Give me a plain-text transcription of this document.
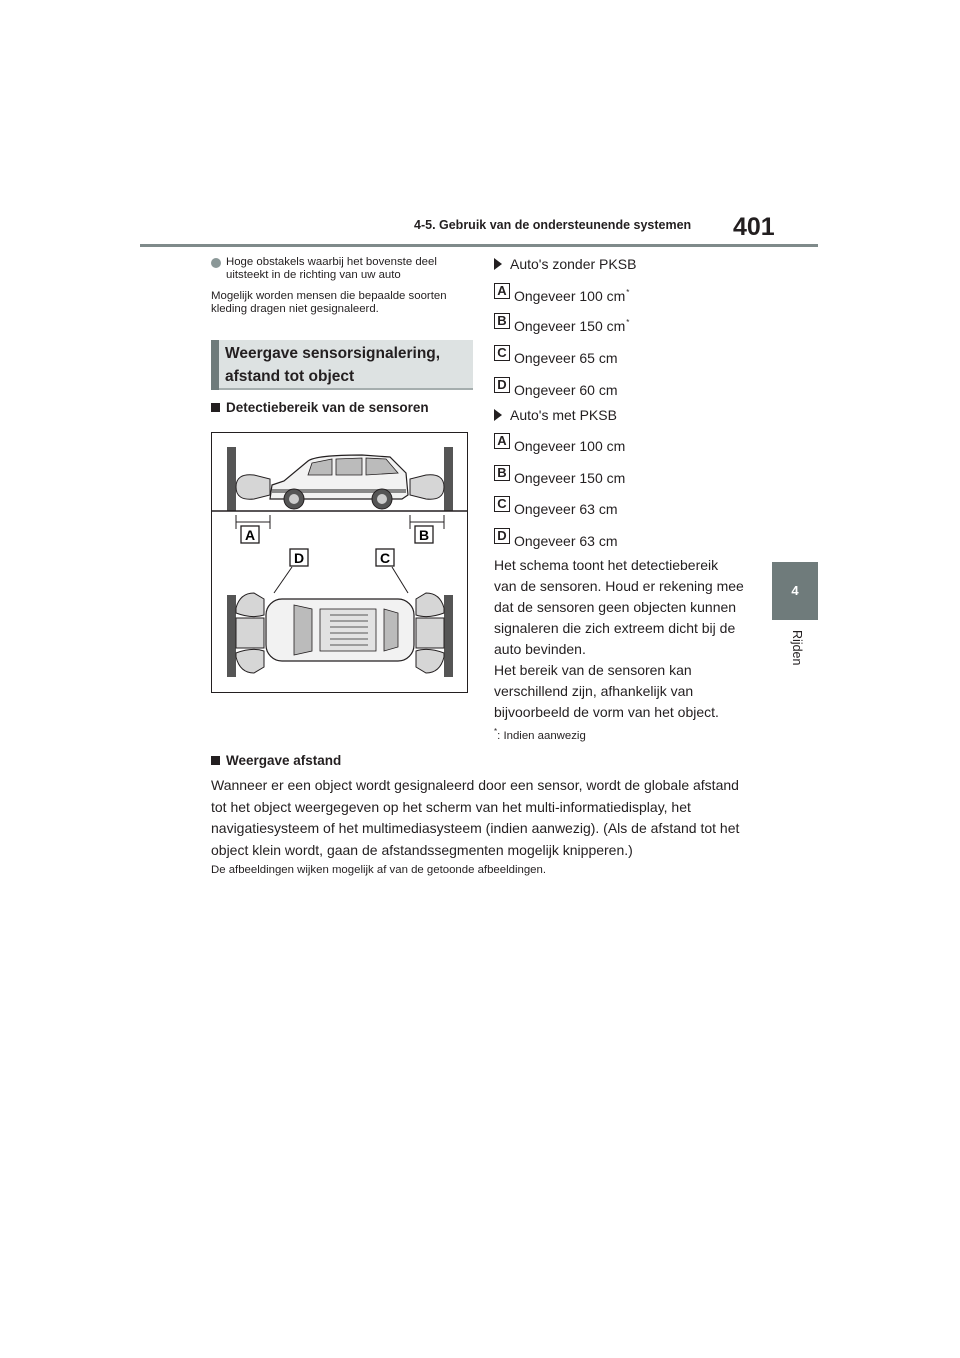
4-5. Gebruik van de ondersteunende systemen 401
4
Rijden
Hoge obstakels waarbij het bovenste deel uitsteekt in de richting van uw auto
Mogelijk worden mensen die bepaalde soorten kleding dragen niet gesignaleerd.
Weergave sensorsignalering, afstand tot object
Detectiebereik van de sensoren
A	B
D	C
Auto's zonder PKSB
A Ongeveer 100 cm *
B Ongeveer 150 cm *
C Ongeveer 65 cm
D Ongeveer 60 cm
Auto's met PKSB
A Ongeveer 100 cm
B Ongeveer 150 cm
C Ongeveer 63 cm
D Ongeveer 63 cm
Het schema toont het detectiebereik van de sensoren. Houd er rekening mee dat de sensoren geen objecten kunnen signaleren die zich extreem dicht bij de auto bevinden.
Het bereik van de sensoren kan verschillend zijn, afhankelijk van bijvoorbeeld de vorm van het object.
*: Indien aanwezig
Weergave afstand
Wanneer er een object wordt gesignaleerd door een sensor, wordt de globale afstand tot het object weergegeven op het scherm van het multi-informatiedisplay, het navigatiesysteem of het multimediasysteem (indien aanwezig). (Als de afstand tot het object klein wordt, gaan de afstandssegmenten mogelijk knipperen.)
De afbeeldingen wijken mogelijk af van de getoonde afbeeldingen.
